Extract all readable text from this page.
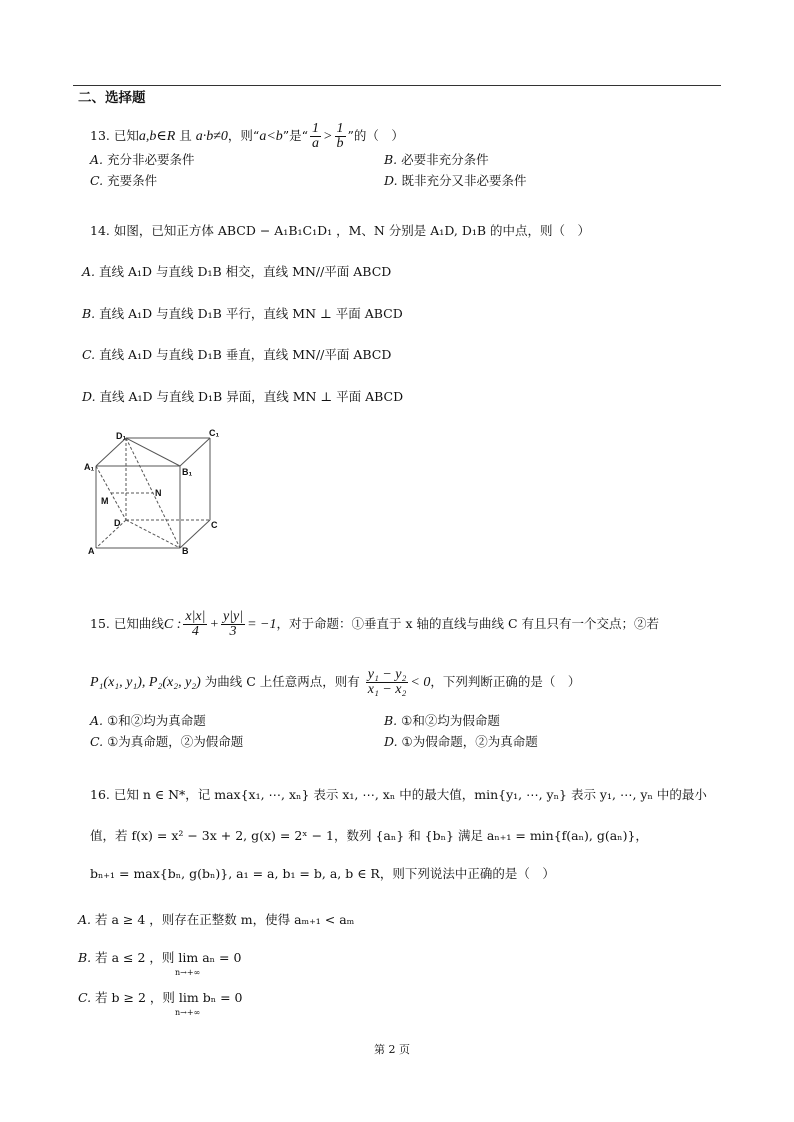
二、选择题
13. 已知a,b∈R 且 a·b≠0，则“a<b”是“ $\frac{1}{a} > \frac{1}{b}$ ”的（　）
A. 充分非必要条件	B. 必要非充分条件
C. 充要条件	D. 既非充分又非必要条件
14. 如图，已知正方体 ABCD − A₁B₁C₁D₁ ，M、N 分别是 A₁D, D₁B 的中点，则（　）
A. 直线 A₁D 与直线 D₁B 相交，直线 MN//平面 ABCD
B. 直线 A₁D 与直线 D₁B 平行，直线 MN ⊥ 平面 ABCD
C. 直线 A₁D 与直线 D₁B 垂直，直线 MN//平面 ABCD
D. 直线 A₁D 与直线 D₁B 异面，直线 MN ⊥ 平面 ABCD
D₁	C₁
A₁	B₁
M
N
D	C
A	B
15. 已知曲线C : $\frac{x|x|}{4} + \frac{y|y|}{3} = -1$，对于命题：①垂直于 x 轴的直线与曲线 C 有且只有一个交点；②若
P₁(x₁, y₁), P₂(x₂, y₂) 为曲线 C 上任意两点，则有 $\frac{\text{y₁ − y₂}}{\text{x₁ − x₂}} < 0$，下列判断正确的是（　）
A. ①和②均为真命题	B. ①和②均为假命题
C. ①为真命题，②为假命题	D. ①为假命题，②为真命题
16. 已知 n ∈ N*，记 max{x₁, ⋯, xₙ} 表示 x₁, ⋯, xₙ 中的最大值，min{y₁, ⋯, yₙ} 表示 y₁, ⋯, yₙ 中的最小
值，若 f(x) = x² − 3x + 2, g(x) = 2ˣ − 1，数列 {aₙ} 和 {bₙ} 满足 aₙ₊₁ = min{f(aₙ), g(aₙ)}，
bₙ₊₁ = max{bₙ, g(bₙ)}, a₁ = a, b₁ = b, a, b ∈ R，则下列说法中正确的是（　）
A. 若 a ≥ 4 ，则存在正整数 m，使得 aₘ₊₁ < aₘ
B. 若 a ≤ 2 ，则 lim aₙ = 0
n→+∞
C. 若 b ≥ 2 ，则 lim bₙ = 0
n→+∞
第 2 页
